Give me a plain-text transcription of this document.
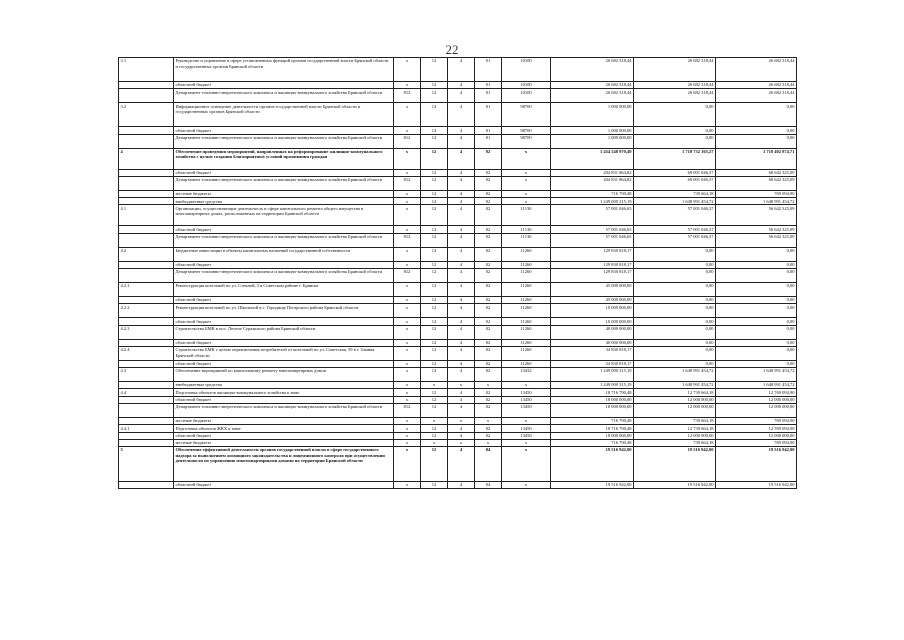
22
3.1	Руководство и управление в сфере установленных функций органов государственной власти Брянской области и государственных органов Брянской области	х	12	4	01	10100	26 682 318,44	26 682 318,44	26 682 318,44
	областной бюджет	х	12	4	01	10100	26 682 318,44	26 682 318,44	26 682 318,44
	Департамент топливно-энергетического комплекса и жилищно-коммунального хозяйства Брянской области	812	12	4	01	10100	26 682 318,44	26 682 318,44	26 682 318,44
3.2	Информационное освещение деятельности органов государственной власти Брянской области и государственных органов Брянской области	х	12	4	01	98700	1 000 000,00	0,00	0,00
	областной бюджет	х	12	4	01	98700	1 000 000,00	0,00	0,00
	Департамент топливно-энергетического комплекса и жилищно-коммунального хозяйства Брянской области	812	12	4	01	98700	1 000 000,00	0,00	0,00
4	Обеспечение проведения мероприятий, направленных на реформирование жилищно-коммунального хозяйства с целью создания благоприятных условий проживания граждан	х	12	4	02	х	1 454 548 970,49	1 718 732 165,27	1 718 402 874,71
	областной бюджет	х	12	4	02	х	204 831 864,82	69 001 046,37	68 642 325,09
	Департамент топливно-энергетического комплекса и жилищно-коммунального хозяйства Брянской области	812	12	4	02	х	204 831 864,82	69 001 046,37	68 642 325,09
	местные бюджеты	х	12	4	02	х	716 790,48	739 664,18	769 094,90
	внебюджетные средства	х	12	4	02	х	1 249 000 315,19	1 648 991 454,72	1 648 991 454,72
4.1	Организации, осуществляющие деятельность в сфере капитального ремонта общего имущества в многоквартирных домах, расположенных на территории Брянской области	х	12	4	02	11130	57 001 046,65	57 001 046,37	56 642 325,09
	областной бюджет	х	12	4	02	11130	57 001 046,65	57 001 046,37	56 642 325,09
	Департамент топливно-энергетического комплекса и жилищно-коммунального хозяйства Брянской области	812	12	4	02	11130	57 001 046,65	57 001 046,37	56 642 325,09
4.2	Бюджетные инвестиции в объекты капитальных вложений государственной собственности	х	12	4	02	11260	129 830 818,17	0,00	0,00
	областной бюджет	х	12	4	02	11260	129 830 818,17	0,00	0,00
	Департамент топливно-энергетического комплекса и жилищно-коммунального хозяйства Брянской области	812	12	4	02	11260	129 830 818,17	0,00	0,00
4.2.1	Реконструкция котельной по ул. Степной, 3 в Советском районе г. Брянска	х	12	4	02	11260	45 000 000,00	0,00	0,00
	областной бюджет	х	12	4	02	11260	45 000 000,00	0,00	0,00
4.2.2	Реконструкция котельной по ул. Школьной в с. Городище Погарского района Брянской области	х	12	4	02	11260	10 000 000,00	0,00	0,00
	областной бюджет	х	12	4	02	11260	10 000 000,00	0,00	0,00
4.2.3	Строительство БМК в пос. Лесное Суражского района Брянской области	х	12	4	02	11260	40 000 000,00	0,00	0,00
	областной бюджет	х	12	4	02	11260	40 000 000,00	0,00	0,00
4.2.4	Строительство БМК с целью переключения потребителей от котельной по ул. Советская, 59 в г. Злынка Брянской области	х	12	4	02	11260	34 830 818,17	0,00	0,00
	областной бюджет	х	12	4	02	11260	34 830 818,17	0,00	0,00
4.3	Обеспечение мероприятий по капитальному ремонту многоквартирных домов	х	12	4	02	13432	1 249 000 315,19	1 648 991 454,72	1 648 991 454,72
	внебюджетные средства	х	х	х	х	х	1 249 000 315,19	1 648 991 454,72	1 648 991 454,72
4.4	Подготовка объектов жилищно-коммунального хозяйства к зиме	х	12	4	02	13450	18 716 790,48	12 739 664,18	12 769 094,90
	областной бюджет	х	12	4	02	13450	18 000 000,00	12 000 000,00	12 000 000,00
	Департамент топливно-энергетического комплекса и жилищно-коммунального хозяйства Брянской области	812	12	4	02	13450	18 000 000,00	12 000 000,00	12 000 000,00
	местные бюджеты	х	х	х	х	х	716 790,48	739 664,18	769 094,90
4.4.1	Подготовка объектов ЖКХ к зиме	х	12	4	02	13450	18 716 790,48	12 739 664,18	12 769 094,90
	областной бюджет	х	12	4	02	13450	18 000 000,00	12 000 000,00	12 000 000,00
	местные бюджеты	х	х	х	х	х	716 790,48	739 664,18	769 094,90
5	Обеспечение эффективной деятельности органов государственной власти в сфере государственного надзора за выполнением жилищного законодательства и лицензионного контроля при осуществлении деятельности по управлению многоквартирными домами на территории Брянской области	х	12	4	04	х	19 516 942,00	19 516 942,00	19 516 942,00
	областной бюджет	х	12	4	04	х	19 516 942,00	19 516 942,00	19 516 942,00
